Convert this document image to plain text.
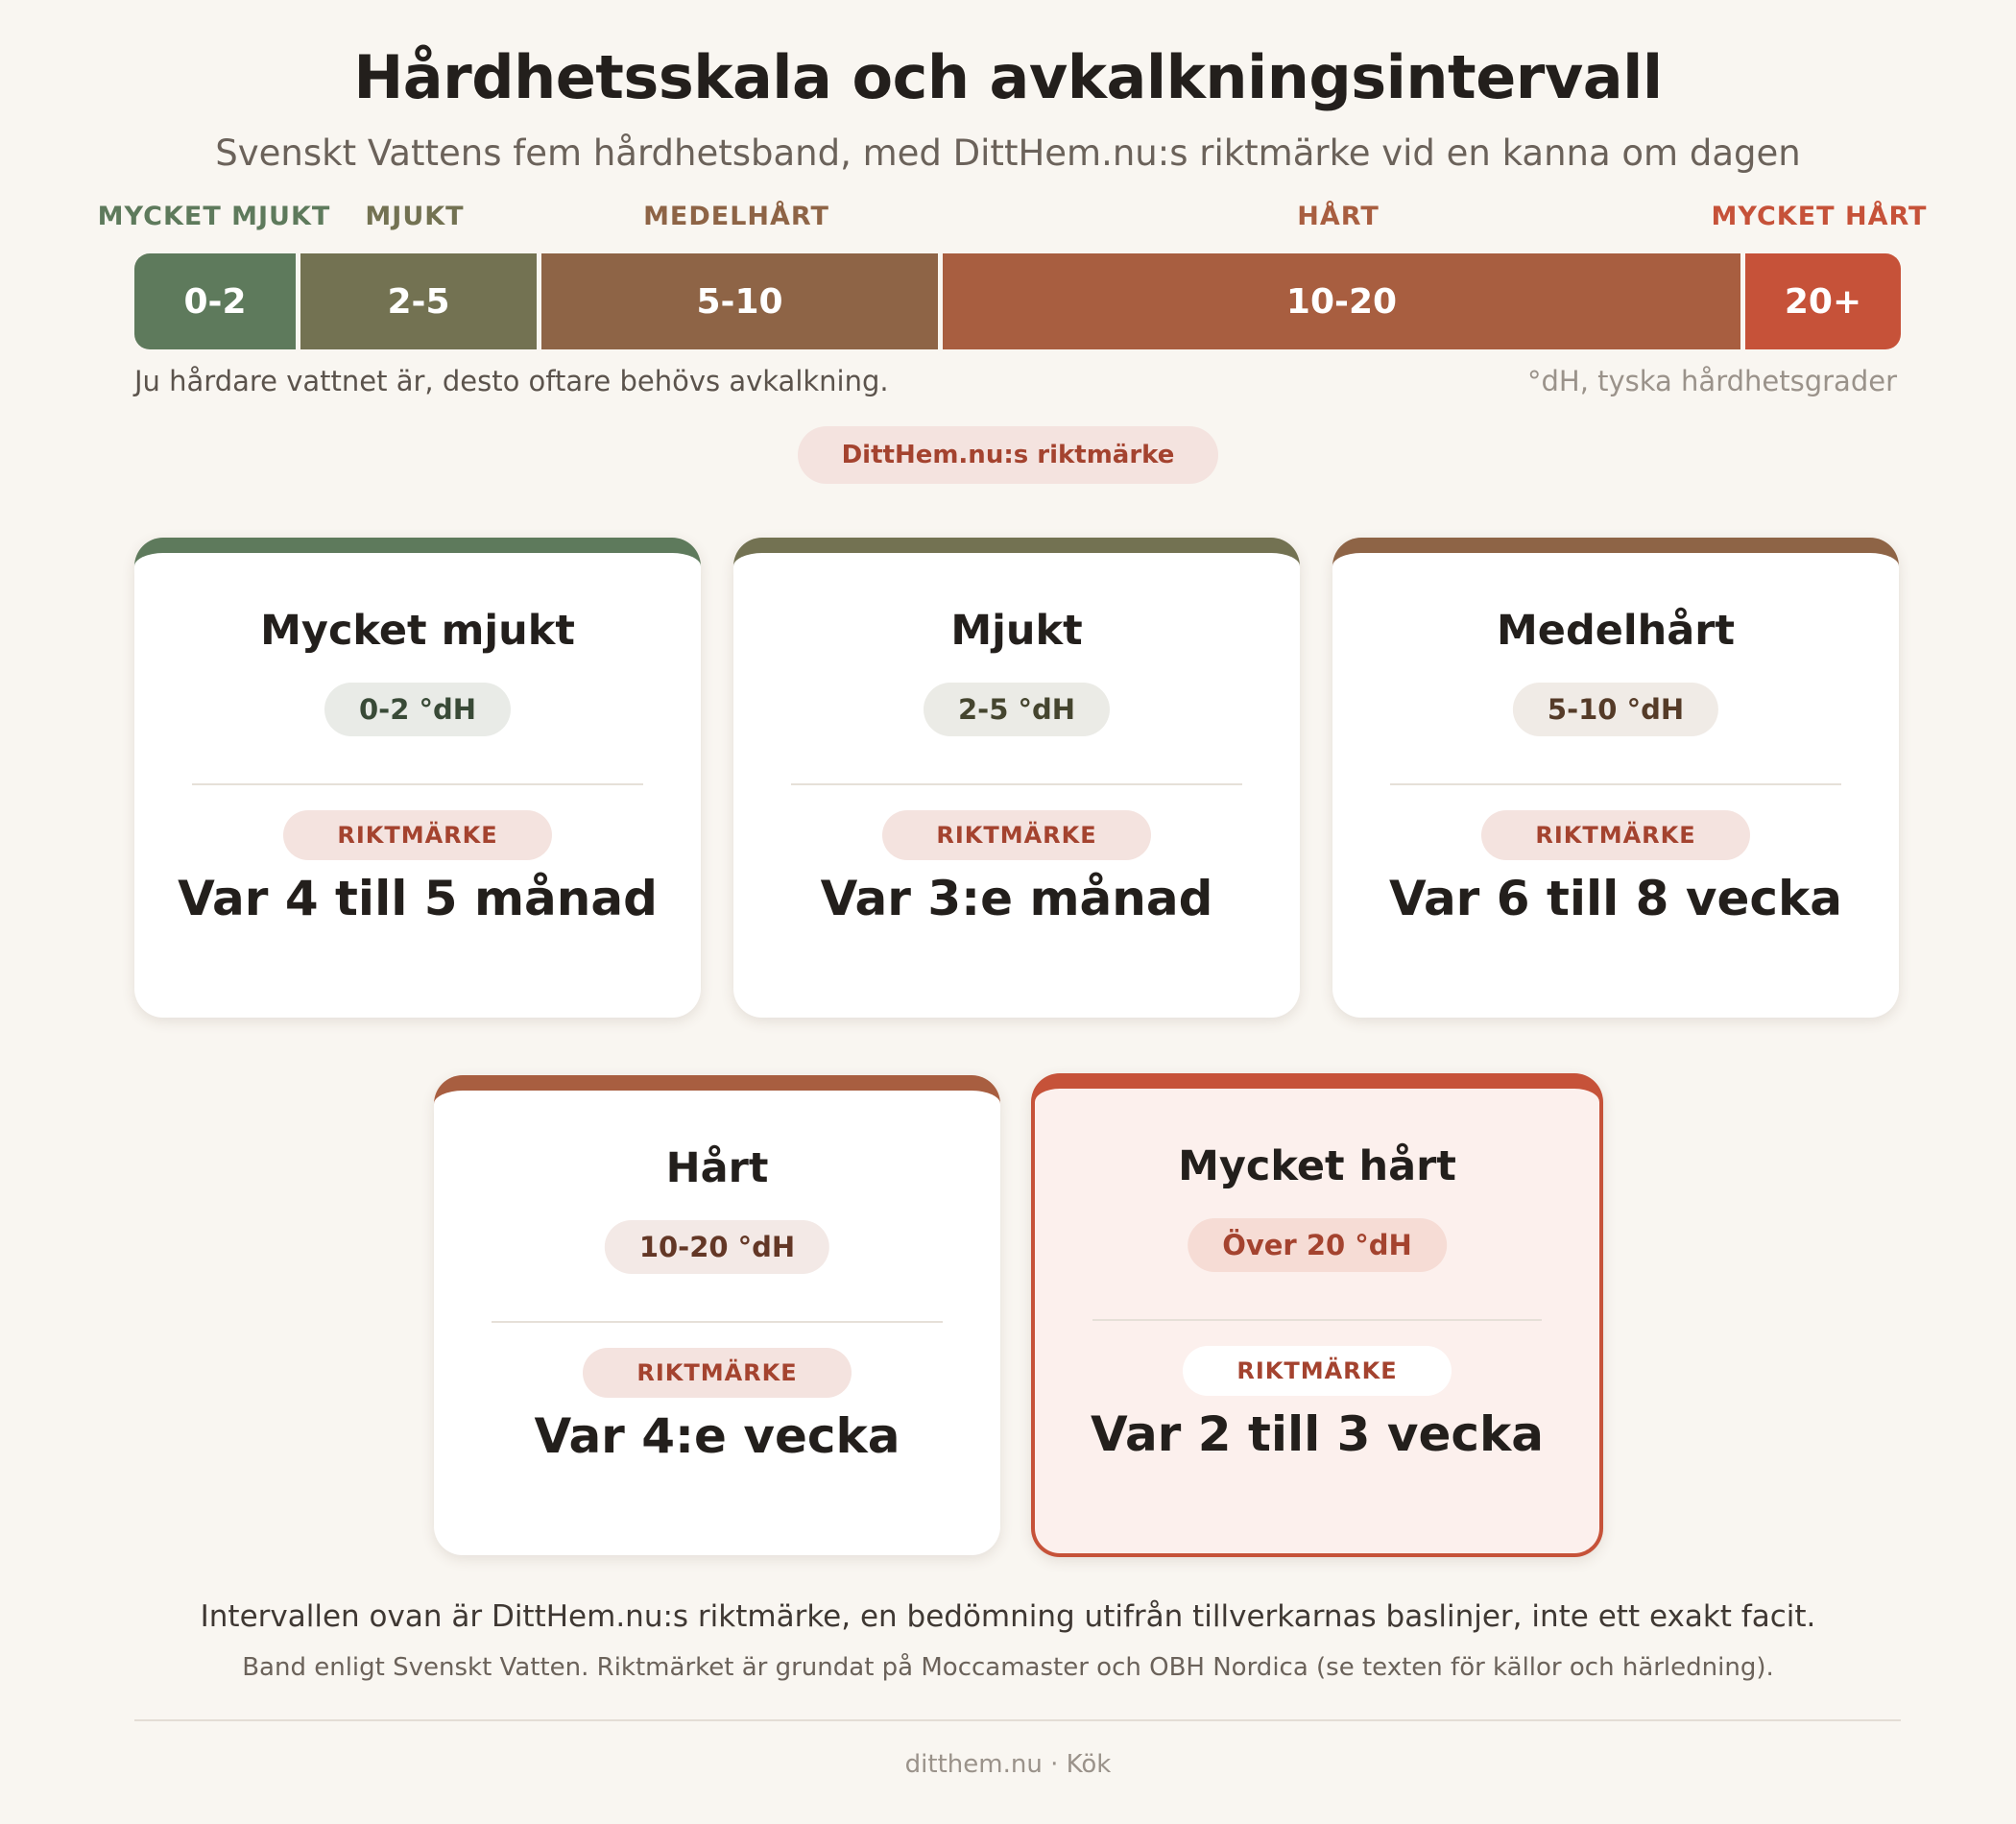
Hårdhetsskala och avkalkningsintervall
Svenskt Vattens fem hårdhetsband, med DittHem.nu:s riktmärke vid en kanna om dagen
MYCKET MJUKT MJUKT	MEDELHÅRT	HÅRT	MYCKET HÅRT
0-2	2-5	5-10	10-20	20+
Ju hårdare vattnet är, desto oftare behövs avkalkning.	°dH, tyska hårdhetsgrader
DittHem.nu:s riktmärke
Mycket mjukt
0-2 °dH
RIKTMÄRKE
Var 4 till 5 månad
Mjukt
2-5 °dH
RIKTMÄRKE
Var 3:e månad
Medelhårt
5-10 °dH
RIKTMÄRKE
Var 6 till 8 vecka
Hårt
10-20 °dH
RIKTMÄRKE
Var 4:e vecka
Mycket hårt
Över 20 °dH
RIKTMÄRKE
Var 2 till 3 vecka
Intervallen ovan är DittHem.nu:s riktmärke, en bedömning utifrån tillverkarnas baslinjer, inte ett exakt facit.
Band enligt Svenskt Vatten. Riktmärket är grundat på Moccamaster och OBH Nordica (se texten för källor och härledning).
ditthem.nu · Kök
